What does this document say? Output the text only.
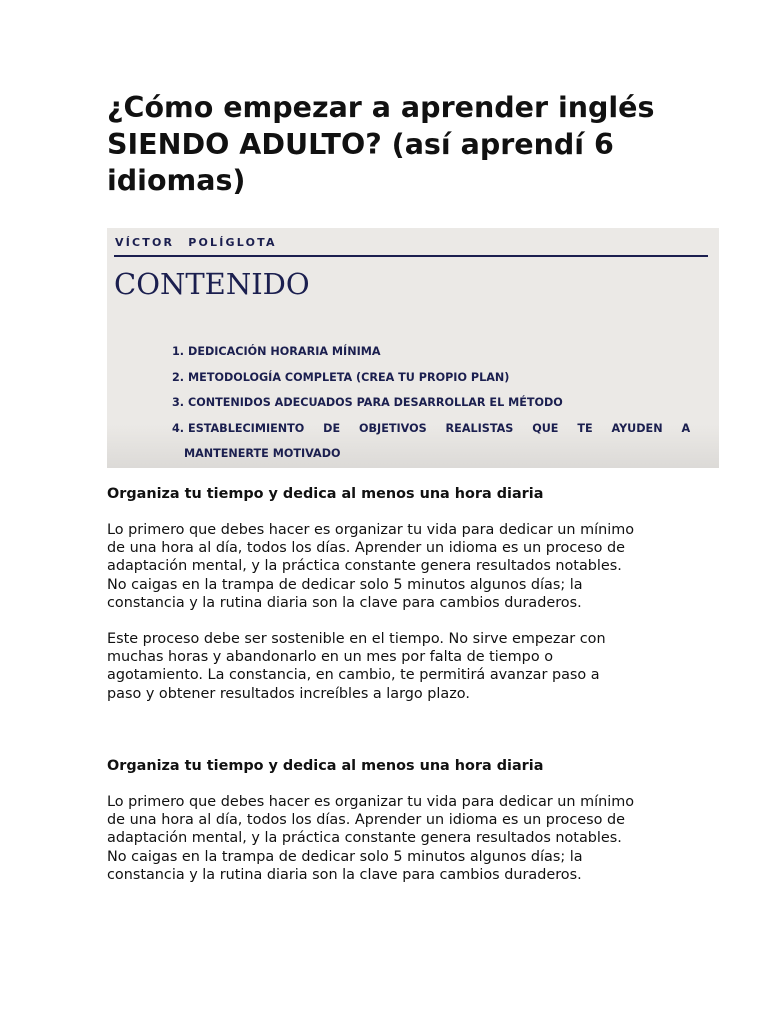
¿Cómo empezar a aprender inglés SIENDO ADULTO? (así aprendí 6 idiomas)
VÍCTOR POLÍGLOTA
CONTENIDO
1. DEDICACIÓN HORARIA MÍNIMA
2. METODOLOGÍA COMPLETA (CREA TU PROPIO PLAN)
3. CONTENIDOS ADECUADOS PARA DESARROLLAR EL MÉTODO
4. ESTABLECIMIENTO DE OBJETIVOS REALISTAS QUE TE AYUDEN A
MANTENERTE MOTIVADO
Organiza tu tiempo y dedica al menos una hora diaria

Lo primero que debes hacer es organizar tu vida para dedicar un mínimo
de una hora al día, todos los días. Aprender un idioma es un proceso de
adaptación mental, y la práctica constante genera resultados notables.
No caigas en la trampa de dedicar solo 5 minutos algunos días; la
constancia y la rutina diaria son la clave para cambios duraderos.

Este proceso debe ser sostenible en el tiempo. No sirve empezar con
muchas horas y abandonarlo en un mes por falta de tiempo o
agotamiento. La constancia, en cambio, te permitirá avanzar paso a
paso y obtener resultados increíbles a largo plazo.

Organiza tu tiempo y dedica al menos una hora diaria

Lo primero que debes hacer es organizar tu vida para dedicar un mínimo
de una hora al día, todos los días. Aprender un idioma es un proceso de
adaptación mental, y la práctica constante genera resultados notables.
No caigas en la trampa de dedicar solo 5 minutos algunos días; la
constancia y la rutina diaria son la clave para cambios duraderos.
